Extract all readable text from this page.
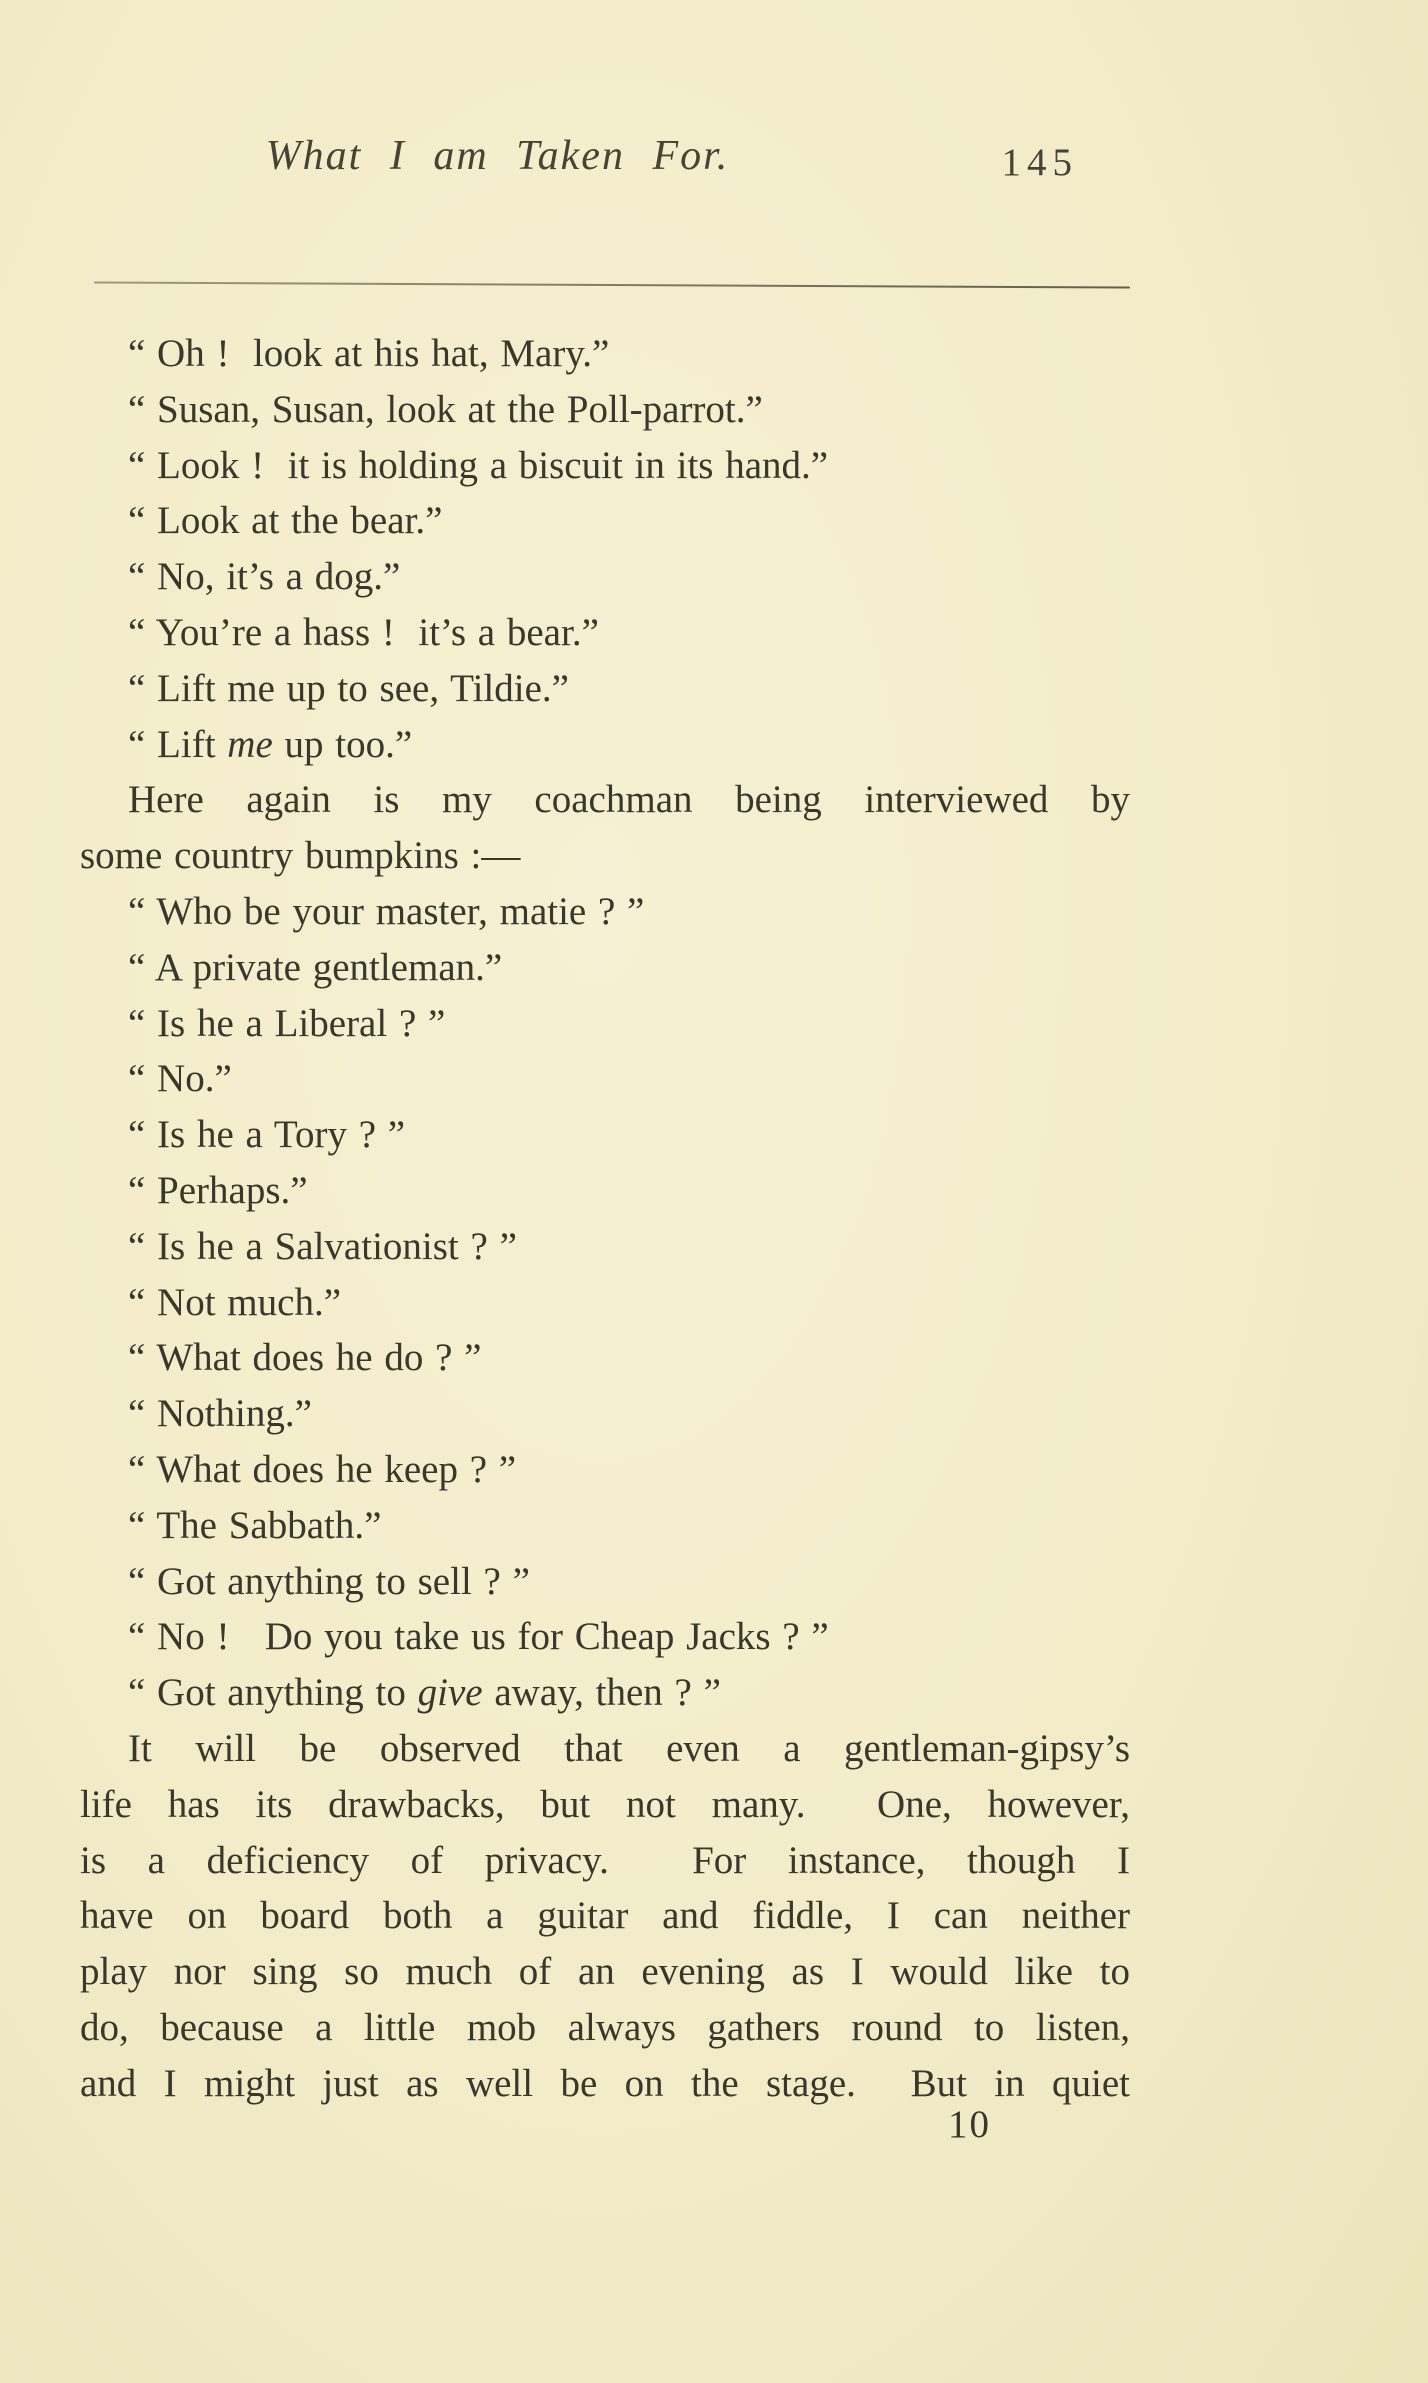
What I am Taken For.	145
“ Oh !  look at his hat, Mary.”
“ Susan, Susan, look at the Poll-parrot.”
“ Look !  it is holding a biscuit in its hand.”
“ Look at the bear.”
“ No, it’s a dog.”
“ You’re a hass !  it’s a bear.”
“ Lift me up to see, Tildie.”
“ Lift me up too.”
Here again is my coachman being interviewed by
some country bumpkins :—
“ Who be your master, matie ? ”
“ A private gentleman.”
“ Is he a Liberal ? ”
“ No.”
“ Is he a Tory ? ”
“ Perhaps.”
“ Is he a Salvationist ? ”
“ Not much.”
“ What does he do ? ”
“ Nothing.”
“ What does he keep ? ”
“ The Sabbath.”
“ Got anything to sell ? ”
“ No !   Do you take us for Cheap Jacks ? ”
“ Got anything to give away, then ? ”
It will be observed that even a gentleman-gipsy’s
life has its drawbacks, but not many.  One, however,
is a deficiency of privacy.  For instance, though I
have on board both a guitar and fiddle, I can neither
play nor sing so much of an evening as I would like to
do, because a little mob always gathers round to listen,
and I might just as well be on the stage.  But in quiet
10
